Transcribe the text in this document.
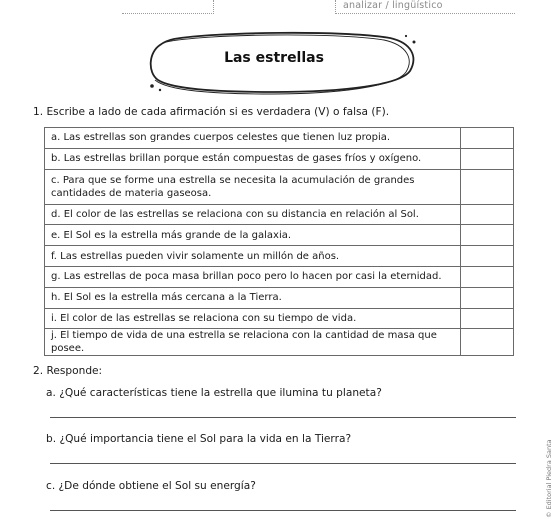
analizar / lingüístico
Las estrellas
1. Escribe a lado de cada afirmación si es verdadera (V) o falsa (F).
a. Las estrellas son grandes cuerpos celestes que tienen luz propia.	
b. Las estrellas brillan porque están compuestas de gases fríos y oxígeno.	
c. Para que se forme una estrella se necesita la acumulación de grandes cantidades de materia gaseosa.	
d. El color de las estrellas se relaciona con su distancia en relación al Sol.	
e. El Sol es la estrella más grande de la galaxia.	
f. Las estrellas pueden vivir solamente un millón de años.	
g. Las estrellas de poca masa brillan poco pero lo hacen por casi la eternidad.	
h. El Sol es la estrella más cercana a la Tierra.	
i. El color de las estrellas se relaciona con su tiempo de vida.	
j. El tiempo de vida de una estrella se relaciona con la cantidad de masa que posee.	
2. Responde:
a. ¿Qué características tiene la estrella que ilumina tu planeta?
b. ¿Qué importancia tiene el Sol para la vida en la Tierra?
c. ¿De dónde obtiene el Sol su energía?	© Editorial Piedra Santa
